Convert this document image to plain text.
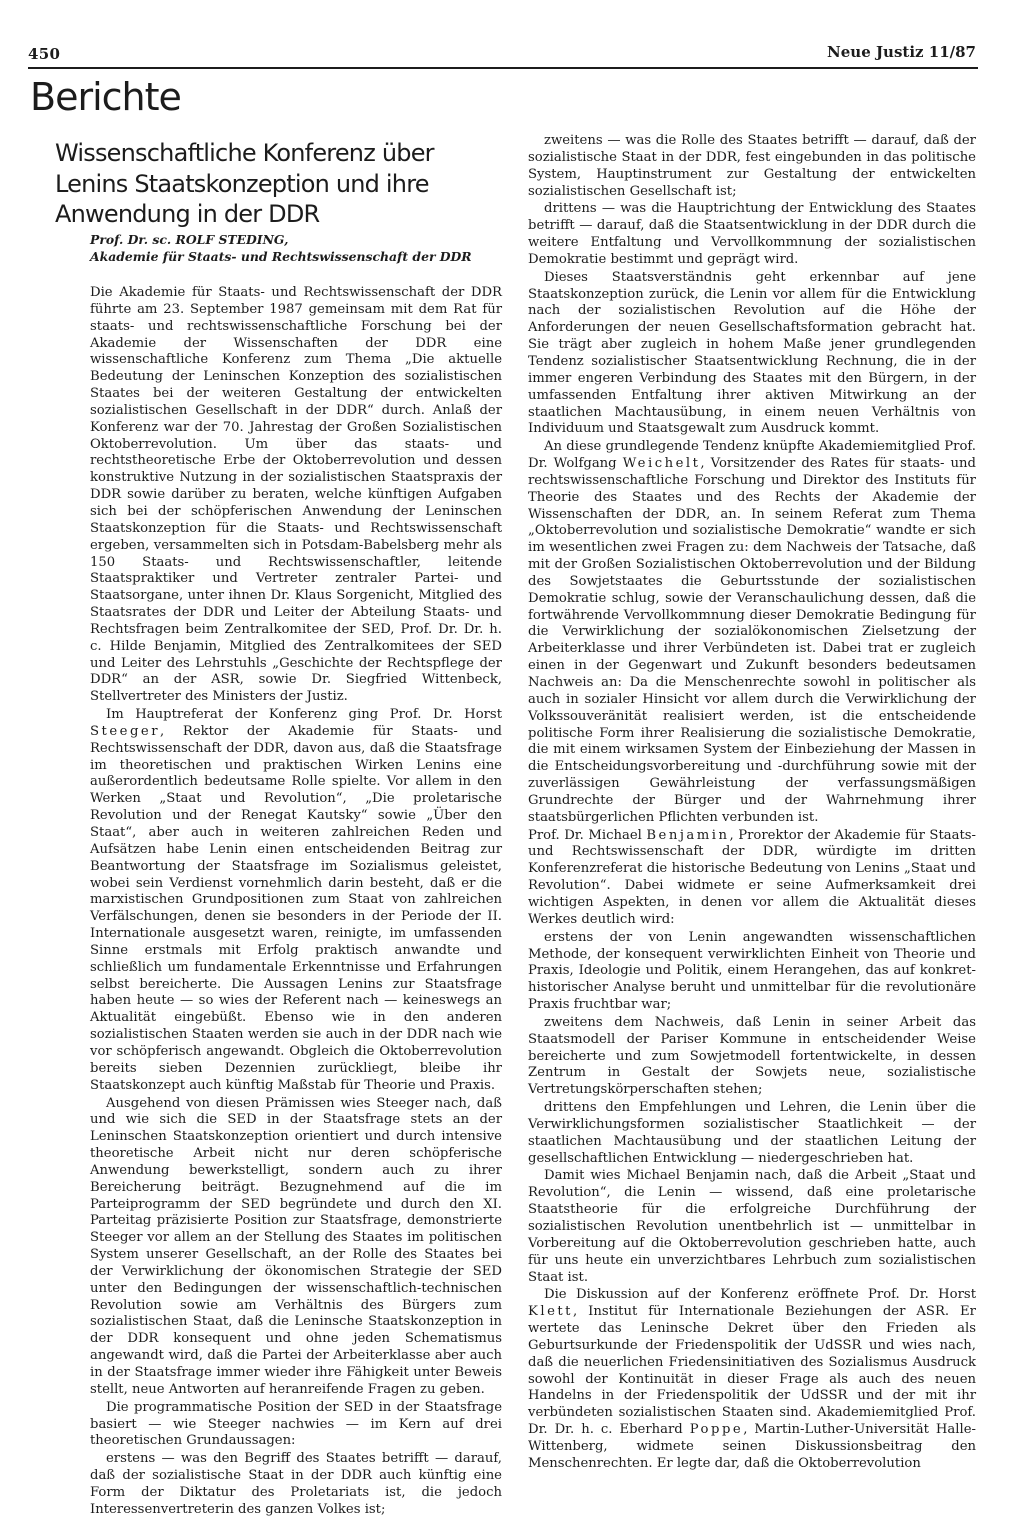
450	Neue Justiz 11/87
Berichte
Wissenschaftliche Konferenz über Lenins Staatskonzeption und ihre Anwendung in der DDR
Prof. Dr. sc. ROLF STEDING,
Akademie für Staats- und Rechtswissenschaft der DDR

Die Akademie für Staats- und Rechtswissenschaft der DDR führte am 23. September 1987 gemeinsam mit dem Rat für staats- und rechtswissenschaftliche Forschung bei der Akademie der Wissenschaften der DDR eine wissenschaftliche Konferenz zum Thema „Die aktuelle Bedeutung der Leninschen Konzeption des sozialistischen Staates bei der weiteren Gestaltung der entwickelten sozialistischen Gesellschaft in der DDR“ durch. Anlaß der Konferenz war der 70. Jahrestag der Großen Sozialistischen Oktoberrevolution. Um über das staats- und rechtstheoretische Erbe der Oktoberrevolution und dessen konstruktive Nutzung in der sozialistischen Staatspraxis der DDR sowie darüber zu beraten, welche künftigen Aufgaben sich bei der schöpferischen Anwendung der Leninschen Staatskonzeption für die Staats- und Rechtswissenschaft ergeben, versammelten sich in Potsdam-Babelsberg mehr als 150 Staats- und Rechtswissenschaftler, leitende Staatspraktiker und Vertreter zentraler Partei- und Staatsorgane, unter ihnen Dr. Klaus Sorgenicht, Mitglied des Staatsrates der DDR und Leiter der Abteilung Staats- und Rechtsfragen beim Zentralkomitee der SED, Prof. Dr. Dr. h. c. Hilde Benjamin, Mitglied des Zentralkomitees der SED und Leiter des Lehrstuhls „Geschichte der Rechtspflege der DDR“ an der ASR, sowie Dr. Siegfried Wittenbeck, Stellvertreter des Ministers der Justiz.

Im Hauptreferat der Konferenz ging Prof. Dr. Horst Steeger, Rektor der Akademie für Staats- und Rechtswissenschaft der DDR, davon aus, daß die Staatsfrage im theoretischen und praktischen Wirken Lenins eine außerordentlich bedeutsame Rolle spielte. Vor allem in den Werken „Staat und Revolution“, „Die proletarische Revolution und der Renegat Kautsky“ sowie „Über den Staat“, aber auch in weiteren zahlreichen Reden und Aufsätzen habe Lenin einen entscheidenden Beitrag zur Beantwortung der Staatsfrage im Sozialismus geleistet, wobei sein Verdienst vornehmlich darin besteht, daß er die marxistischen Grundpositionen zum Staat von zahlreichen Verfälschungen, denen sie besonders in der Periode der II. Internationale ausgesetzt waren, reinigte, im umfassenden Sinne erstmals mit Erfolg praktisch anwandte und schließlich um fundamentale Erkenntnisse und Erfahrungen selbst bereicherte. Die Aussagen Lenins zur Staatsfrage haben heute — so wies der Referent nach — keineswegs an Aktualität eingebüßt. Ebenso wie in den anderen sozialistischen Staaten werden sie auch in der DDR nach wie vor schöpferisch angewandt. Obgleich die Oktoberrevolution bereits sieben Dezennien zurückliegt, bleibe ihr Staatskonzept auch künftig Maßstab für Theorie und Praxis.

Ausgehend von diesen Prämissen wies Steeger nach, daß und wie sich die SED in der Staatsfrage stets an der Leninschen Staatskonzeption orientiert und durch intensive theoretische Arbeit nicht nur deren schöpferische Anwendung bewerkstelligt, sondern auch zu ihrer Bereicherung beiträgt. Bezugnehmend auf die im Parteiprogramm der SED begründete und durch den XI. Parteitag präzisierte Position zur Staatsfrage, demonstrierte Steeger vor allem an der Stellung des Staates im politischen System unserer Gesellschaft, an der Rolle des Staates bei der Verwirklichung der ökonomischen Strategie der SED unter den Bedingungen der wissenschaftlich-technischen Revolution sowie am Verhältnis des Bürgers zum sozialistischen Staat, daß die Leninsche Staatskonzeption in der DDR konsequent und ohne jeden Schematismus angewandt wird, daß die Partei der Arbeiterklasse aber auch in der Staatsfrage immer wieder ihre Fähigkeit unter Beweis stellt, neue Antworten auf heranreifende Fragen zu geben.

Die programmatische Position der SED in der Staatsfrage basiert — wie Steeger nachwies — im Kern auf drei theoretischen Grundaussagen:

erstens — was den Begriff des Staates betrifft — darauf, daß der sozialistische Staat in der DDR auch künftig eine Form der Diktatur des Proletariats ist, die jedoch Interessenvertreterin des ganzen Volkes ist;

zweitens — was die Rolle des Staates betrifft — darauf, daß der sozialistische Staat in der DDR, fest eingebunden in das politische System, Hauptinstrument zur Gestaltung der entwickelten sozialistischen Gesellschaft ist;

drittens — was die Hauptrichtung der Entwicklung des Staates betrifft — darauf, daß die Staatsentwicklung in der DDR durch die weitere Entfaltung und Vervollkommnung der sozialistischen Demokratie bestimmt und geprägt wird.

Dieses Staatsverständnis geht erkennbar auf jene Staatskonzeption zurück, die Lenin vor allem für die Entwicklung nach der sozialistischen Revolution auf die Höhe der Anforderungen der neuen Gesellschaftsformation gebracht hat. Sie trägt aber zugleich in hohem Maße jener grundlegenden Tendenz sozialistischer Staatsentwicklung Rechnung, die in der immer engeren Verbindung des Staates mit den Bürgern, in der umfassenden Entfaltung ihrer aktiven Mitwirkung an der staatlichen Machtausübung, in einem neuen Verhältnis von Individuum und Staatsgewalt zum Ausdruck kommt.

An diese grundlegende Tendenz knüpfte Akademiemitglied Prof. Dr. Wolfgang Weichelt, Vorsitzender des Rates für staats- und rechtswissenschaftliche Forschung und Direktor des Instituts für Theorie des Staates und des Rechts der Akademie der Wissenschaften der DDR, an. In seinem Referat zum Thema „Oktoberrevolution und sozialistische Demokratie“ wandte er sich im wesentlichen zwei Fragen zu: dem Nachweis der Tatsache, daß mit der Großen Sozialistischen Oktoberrevolution und der Bildung des Sowjetstaates die Geburtsstunde der sozialistischen Demokratie schlug, sowie der Veranschaulichung dessen, daß die fortwährende Vervollkommnung dieser Demokratie Bedingung für die Verwirklichung der sozialökonomischen Zielsetzung der Arbeiterklasse und ihrer Verbündeten ist. Dabei trat er zugleich einen in der Gegenwart und Zukunft besonders bedeutsamen Nachweis an: Da die Menschenrechte sowohl in politischer als auch in sozialer Hinsicht vor allem durch die Verwirklichung der Volkssouveränität realisiert werden, ist die entscheidende politische Form ihrer Realisierung die sozialistische Demokratie, die mit einem wirksamen System der Einbeziehung der Massen in die Entscheidungsvorbereitung und -durchführung sowie mit der zuverlässigen Gewährleistung der verfassungsmäßigen Grundrechte der Bürger und der Wahrnehmung ihrer staatsbürgerlichen Pflichten verbunden ist.

Prof. Dr. Michael Benjamin, Prorektor der Akademie für Staats- und Rechtswissenschaft der DDR, würdigte im dritten Konferenzreferat die historische Bedeutung von Lenins „Staat und Revolution“. Dabei widmete er seine Aufmerksamkeit drei wichtigen Aspekten, in denen vor allem die Aktualität dieses Werkes deutlich wird:

erstens der von Lenin angewandten wissenschaftlichen Methode, der konsequent verwirklichten Einheit von Theorie und Praxis, Ideologie und Politik, einem Herangehen, das auf konkret-historischer Analyse beruht und unmittelbar für die revolutionäre Praxis fruchtbar war;

zweitens dem Nachweis, daß Lenin in seiner Arbeit das Staatsmodell der Pariser Kommune in entscheidender Weise bereicherte und zum Sowjetmodell fortentwickelte, in dessen Zentrum in Gestalt der Sowjets neue, sozialistische Vertretungskörperschaften stehen;

drittens den Empfehlungen und Lehren, die Lenin über die Verwirklichungsformen sozialistischer Staatlichkeit — der staatlichen Machtausübung und der staatlichen Leitung der gesellschaftlichen Entwicklung — niedergeschrieben hat.

Damit wies Michael Benjamin nach, daß die Arbeit „Staat und Revolution“, die Lenin — wissend, daß eine proletarische Staatstheorie für die erfolgreiche Durchführung der sozialistischen Revolution unentbehrlich ist — unmittelbar in Vorbereitung auf die Oktoberrevolution geschrieben hatte, auch für uns heute ein unverzichtbares Lehrbuch zum sozialistischen Staat ist.

Die Diskussion auf der Konferenz eröffnete Prof. Dr. Horst Klett, Institut für Internationale Beziehungen der ASR. Er wertete das Leninsche Dekret über den Frieden als Geburtsurkunde der Friedenspolitik der UdSSR und wies nach, daß die neuerlichen Friedensinitiativen des Sozialismus Ausdruck sowohl der Kontinuität in dieser Frage als auch des neuen Handelns in der Friedenspolitik der UdSSR und der mit ihr verbündeten sozialistischen Staaten sind. Akademiemitglied Prof. Dr. Dr. h. c. Eberhard Poppe, Martin-Luther-Universität Halle-Wittenberg, widmete seinen Diskussionsbeitrag den Menschenrechten. Er legte dar, daß die Oktoberrevolution
